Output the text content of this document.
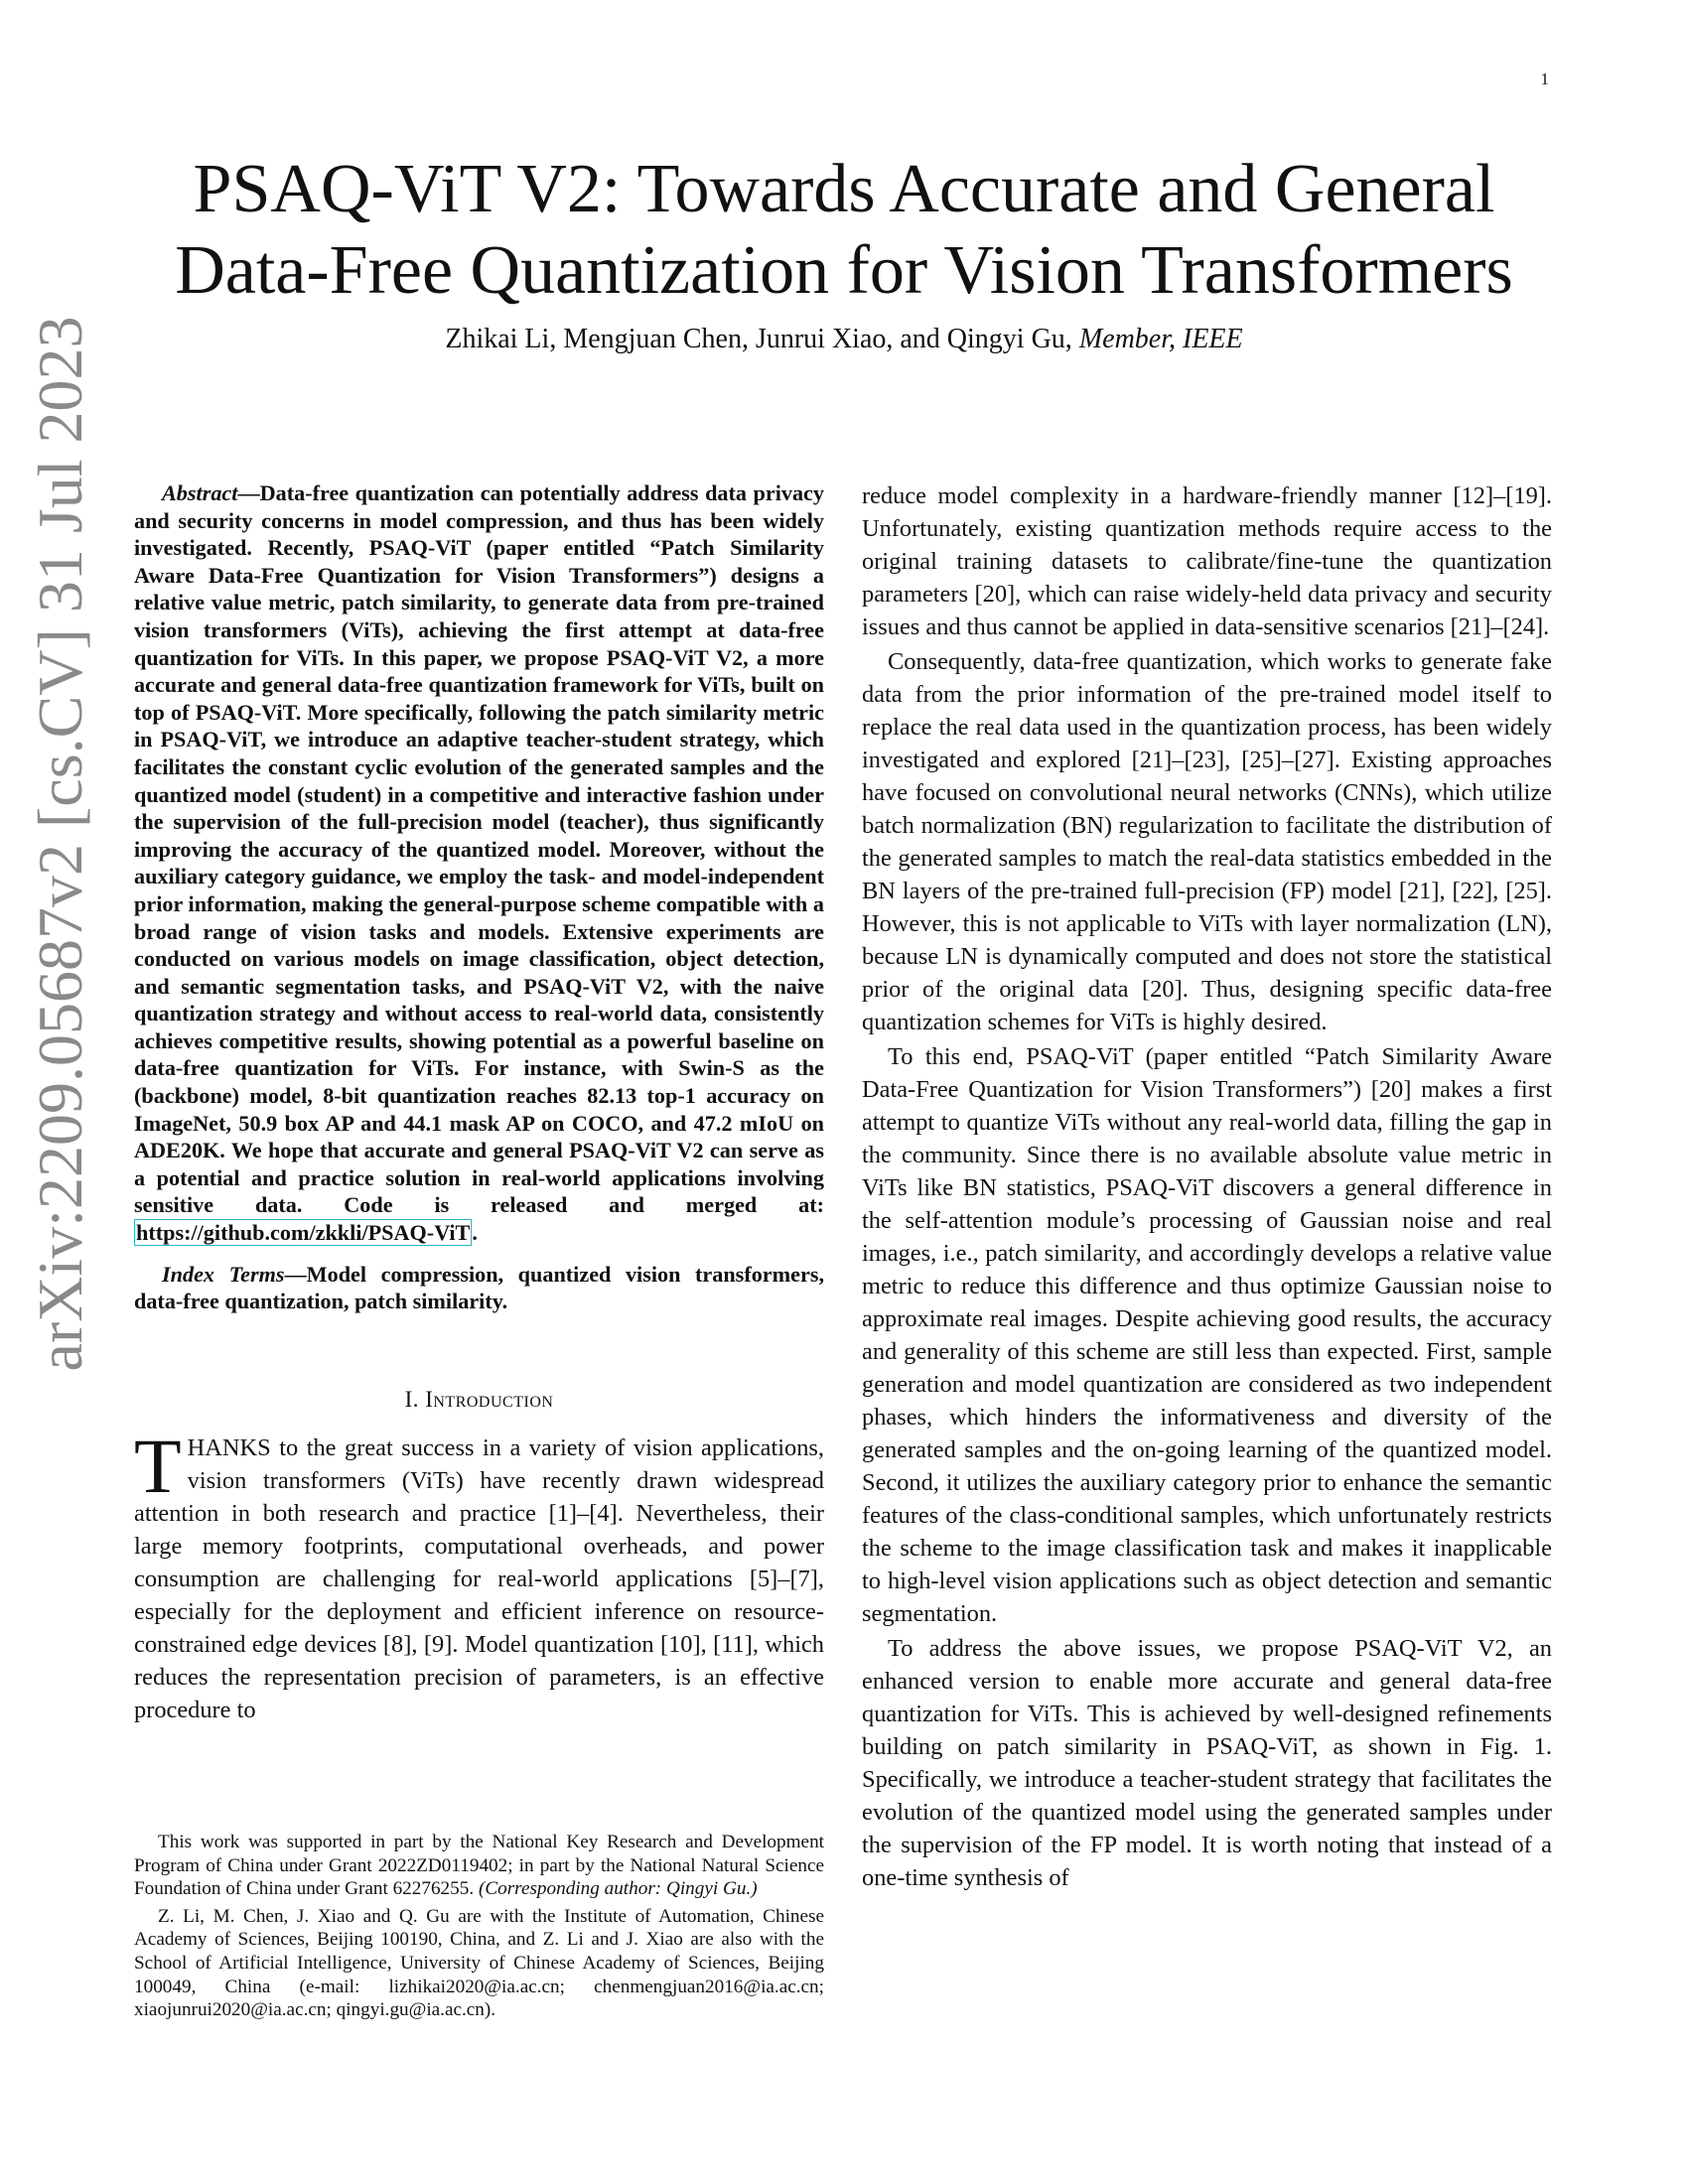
1
arXiv:2209.05687v2 [cs.CV] 31 Jul 2023
PSAQ-ViT V2: Towards Accurate and General
Data-Free Quantization for Vision Transformers
Zhikai Li, Mengjuan Chen, Junrui Xiao, and Qingyi Gu, Member, IEEE

Abstract—Data-free quantization can potentially address data privacy and security concerns in model compression, and thus has been widely investigated. Recently, PSAQ-ViT (paper entitled “Patch Similarity Aware Data-Free Quantization for Vision Transformers”) designs a relative value metric, patch similarity, to generate data from pre-trained vision transformers (ViTs), achieving the first attempt at data-free quantization for ViTs. In this paper, we propose PSAQ-ViT V2, a more accurate and general data-free quantization framework for ViTs, built on top of PSAQ-ViT. More specifically, following the patch similarity metric in PSAQ-ViT, we introduce an adaptive teacher-student strategy, which facilitates the constant cyclic evolution of the generated samples and the quantized model (student) in a competitive and interactive fashion under the supervision of the full-precision model (teacher), thus significantly improving the accuracy of the quantized model. Moreover, without the auxiliary category guidance, we employ the task- and model-independent prior information, making the general-purpose scheme compatible with a broad range of vision tasks and models. Extensive experiments are conducted on various models on image classification, object detection, and semantic segmentation tasks, and PSAQ-ViT V2, with the naive quantization strategy and without access to real-world data, consistently achieves competitive results, showing potential as a powerful baseline on data-free quantization for ViTs. For instance, with Swin-S as the (backbone) model, 8-bit quantization reaches 82.13 top-1 accuracy on ImageNet, 50.9 box AP and 44.1 mask AP on COCO, and 47.2 mIoU on ADE20K. We hope that accurate and general PSAQ-ViT V2 can serve as a potential and practice solution in real-world applications involving sensitive data. Code is released and merged at: https://github.com/zkkli/PSAQ-ViT.

Index Terms—Model compression, quantized vision transformers, data-free quantization, patch similarity.

I. Introduction

THANKS to the great success in a variety of vision applications, vision transformers (ViTs) have recently drawn widespread attention in both research and practice [1]–[4]. Nevertheless, their large memory footprints, computational overheads, and power consumption are challenging for real-world applications [5]–[7], especially for the deployment and efficient inference on resource-constrained edge devices [8], [9]. Model quantization [10], [11], which reduces the representation precision of parameters, is an effective procedure to

reduce model complexity in a hardware-friendly manner [12]–[19]. Unfortunately, existing quantization methods require access to the original training datasets to calibrate/fine-tune the quantization parameters [20], which can raise widely-held data privacy and security issues and thus cannot be applied in data-sensitive scenarios [21]–[24].

Consequently, data-free quantization, which works to generate fake data from the prior information of the pre-trained model itself to replace the real data used in the quantization process, has been widely investigated and explored [21]–[23], [25]–[27]. Existing approaches have focused on convolutional neural networks (CNNs), which utilize batch normalization (BN) regularization to facilitate the distribution of the generated samples to match the real-data statistics embedded in the BN layers of the pre-trained full-precision (FP) model [21], [22], [25]. However, this is not applicable to ViTs with layer normalization (LN), because LN is dynamically computed and does not store the statistical prior of the original data [20]. Thus, designing specific data-free quantization schemes for ViTs is highly desired.

To this end, PSAQ-ViT (paper entitled “Patch Similarity Aware Data-Free Quantization for Vision Transformers”) [20] makes a first attempt to quantize ViTs without any real-world data, filling the gap in the community. Since there is no available absolute value metric in ViTs like BN statistics, PSAQ-ViT discovers a general difference in the self-attention module’s processing of Gaussian noise and real images, i.e., patch similarity, and accordingly develops a relative value metric to reduce this difference and thus optimize Gaussian noise to approximate real images. Despite achieving good results, the accuracy and generality of this scheme are still less than expected. First, sample generation and model quantization are considered as two independent phases, which hinders the informativeness and diversity of the generated samples and the on-going learning of the quantized model. Second, it utilizes the auxiliary category prior to enhance the semantic features of the class-conditional samples, which unfortunately restricts the scheme to the image classification task and makes it inapplicable to high-level vision applications such as object detection and semantic segmentation.

To address the above issues, we propose PSAQ-ViT V2, an enhanced version to enable more accurate and general data-free quantization for ViTs. This is achieved by well-designed refinements building on patch similarity in PSAQ-ViT, as shown in Fig. 1. Specifically, we introduce a teacher-student strategy that facilitates the evolution of the quantized model using the generated samples under the supervision of the FP model. It is worth noting that instead of a one-time synthesis of

This work was supported in part by the National Key Research and Development Program of China under Grant 2022ZD0119402; in part by the National Natural Science Foundation of China under Grant 62276255. (Corresponding author: Qingyi Gu.)

Z. Li, M. Chen, J. Xiao and Q. Gu are with the Institute of Automation, Chinese Academy of Sciences, Beijing 100190, China, and Z. Li and J. Xiao are also with the School of Artificial Intelligence, University of Chinese Academy of Sciences, Beijing 100049, China (e-mail: lizhikai2020@ia.ac.cn; chenmengjuan2016@ia.ac.cn; xiaojunrui2020@ia.ac.cn; qingyi.gu@ia.ac.cn).
